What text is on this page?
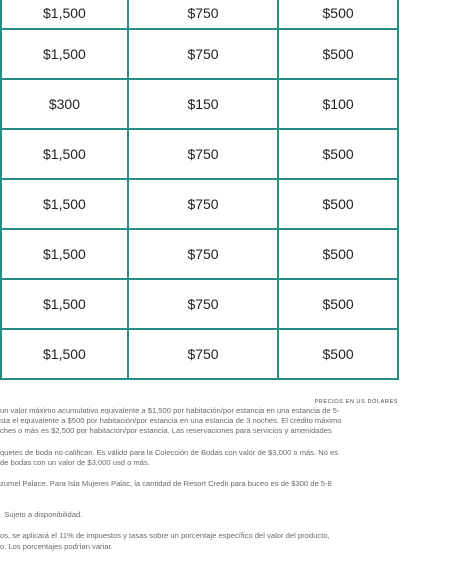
$1,500	$750	$500
$1,500	$750	$500
$300	$150	$100
$1,500	$750	$500
$1,500	$750	$500
$1,500	$750	$500
$1,500	$750	$500
$1,500	$750	$500
PRECIOS EN US DÓLARES

un valor máximo acumulativo equivalente a $1,500 por habitación/por estancia en una estancia de 5-

sta el equivalente a $500 por habitación/por estancia en una estancia de 3 noches. El crédito máximo

ches o más es $2,500 por habitación/por estancia. Las reservaciones para servicios y amenidades

quetes de boda no califican. Es válido para la Colección de Bodas con valor de $3,000 o más. No es

de bodas con un valor de $3,000 usd o más.

zumel Palace. Para Isla Mujeres Palac, la cantidad de Resort Credit para buceo es de $300 de 5-8

. Sujeto a disponibilidad.

os, se aplicará el 11% de impuestos y tasas sobre un porcentaje específico del valor del producto,

o. Los porcentajes podrían variar.
